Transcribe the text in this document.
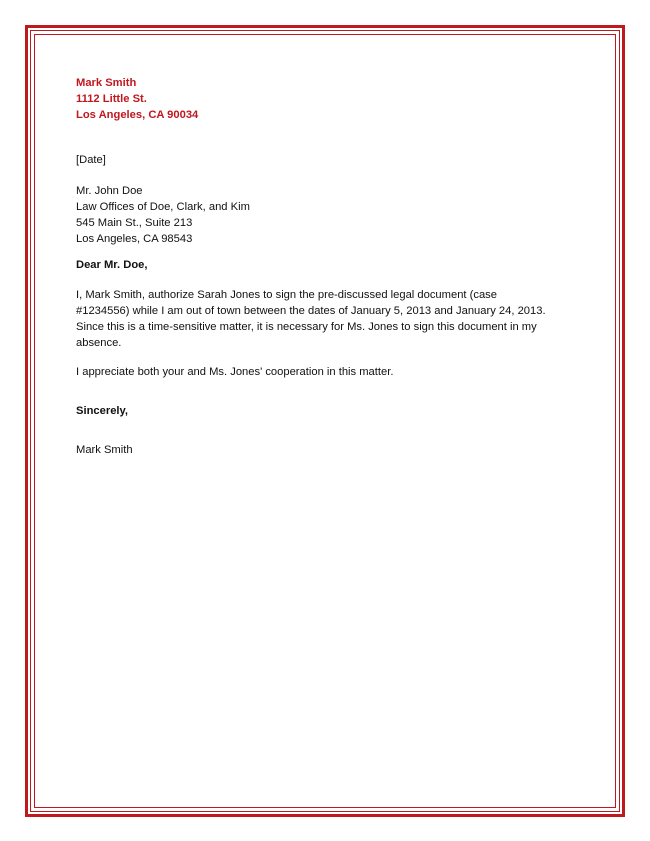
Mark Smith
1112 Little St.
Los Angeles, CA 90034
[Date]
Mr. John Doe
Law Offices of Doe, Clark, and Kim
545 Main St., Suite 213
Los Angeles, CA 98543
Dear Mr. Doe,
I, Mark Smith, authorize Sarah Jones to sign the pre-discussed legal document (case
#1234556) while I am out of town between the dates of January 5, 2013 and January 24, 2013.
Since this is a time-sensitive matter, it is necessary for Ms. Jones to sign this document in my
absence.
I appreciate both your and Ms. Jones' cooperation in this matter.
Sincerely,
Mark Smith
